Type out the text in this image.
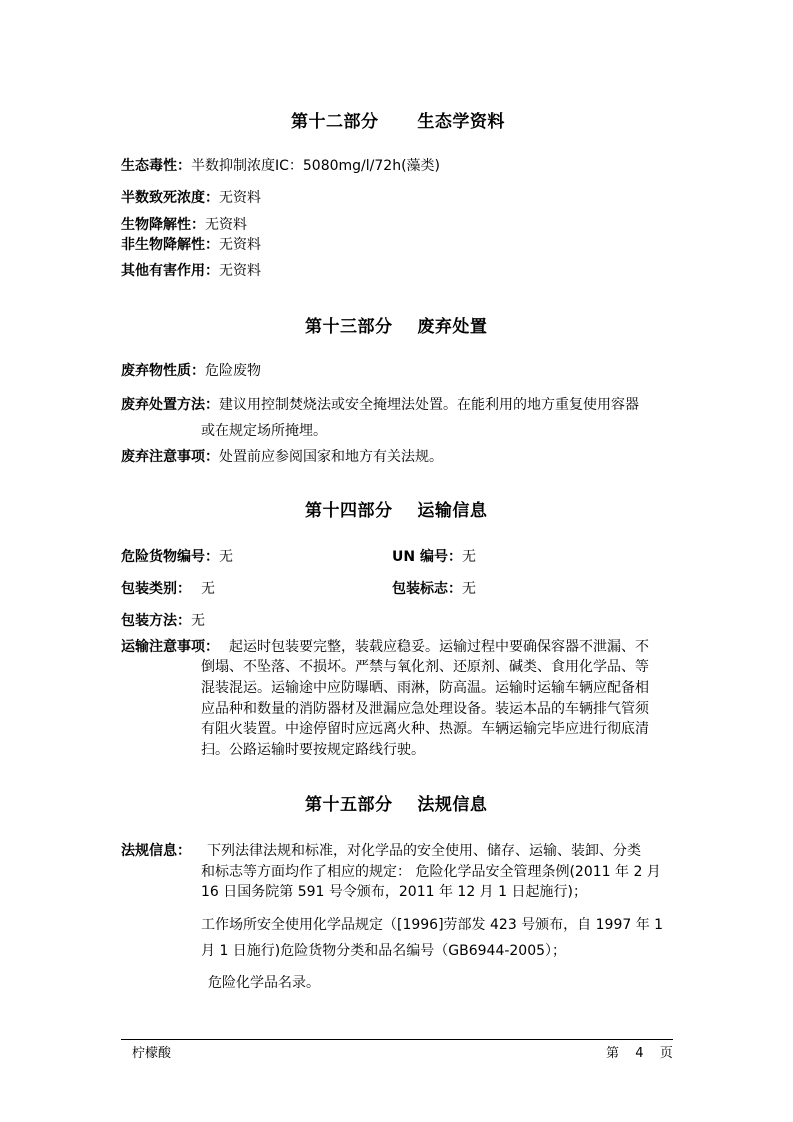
第十二部分 生态学资料
生态毒性：半数抑制浓度IC：5080mg/l/72h(藻类)
半数致死浓度：无资料
生物降解性：无资料
非生物降解性：无资料
其他有害作用：无资料
第十三部分 废弃处置
废弃物性质：危险废物
废弃处置方法：建议用控制焚烧法或安全掩埋法处置。在能利用的地方重复使用容器
或在规定场所掩埋。
废弃注意事项：处置前应参阅国家和地方有关法规。
第十四部分 运输信息
危险货物编号：无	UN 编号：无
包装类别： 无	包装标志：无
包装方法：无
运输注意事项： 起运时包装要完整，装载应稳妥。运输过程中要确保容器不泄漏、不
倒塌、不坠落、不损坏。严禁与氧化剂、还原剂、碱类、食用化学品、等
混装混运。运输途中应防曝晒、雨淋，防高温。运输时运输车辆应配备相
应品种和数量的消防器材及泄漏应急处理设备。装运本品的车辆排气管须
有阻火装置。中途停留时应远离火种、热源。车辆运输完毕应进行彻底清
扫。公路运输时要按规定路线行驶。
第十五部分 法规信息
法规信息： 下列法律法规和标准，对化学品的安全使用、储存、运输、装卸、分类
和标志等方面均作了相应的规定： 危险化学品安全管理条例(2011 年 2 月
16 日国务院第 591 号令颁布，2011 年 12 月 1 日起施行)；
工作场所安全使用化学品规定（[1996]劳部发 423 号颁布，自 1997 年 1
月 1 日施行)危险货物分类和品名编号（GB6944-2005）；
危险化学品名录。
柠檬酸	第 4 页
